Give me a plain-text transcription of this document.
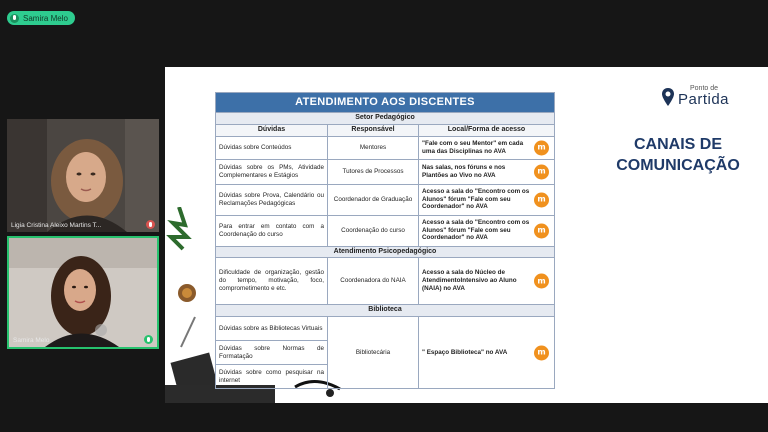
Samira Melo
Ligia Cristina Aleixo Martins T...
Samira Melo
ATENDIMENTO AOS DISCENTES		
Setor Pedagógico		
Dúvidas	Responsável	Local/Forma de acesso
Dúvidas sobre Conteúdos	Mentores	"Fale com o seu Mentor" em cada uma das Disciplinas no AVA m

Dúvidas sobre os PMs, Atividade Complementares e Estágios	Tutores de Processos	Nas salas, nos fóruns e nos Plantões ao Vivo no AVA m

Dúvidas sobre Prova, Calendário ou Reclamações Pedagógicas	Coordenador de Graduação	Acesso a sala do "Encontro com os Alunos" fórum "Fale com seu Coordenador" no AVA
m

Para entrar em contato com a Coordenação do curso	Coordenação do curso	Acesso a sala do "Encontro com os Alunos" fórum "Fale com seu Coordenador" no AVA
m

Atendimento Psicopedagógico		
Dificuldade de organização, gestão do tempo, motivação, foco, comprometimento e etc.	Coordenadora do NAIA	Acesso a sala do Núcleo de AtendimentoIntensivo ao Aluno (NAIA) no AVA
m

Biblioteca		
Dúvidas sobre as Bibliotecas Virtuais	Bibliotecária	" Espaço Biblioteca" no AVA m

Dúvidas sobre Normas de Formatação		
Dúvidas sobre como pesquisar na internet		
Ponto de
Partida
CANAIS DE
COMUNICAÇÃO
